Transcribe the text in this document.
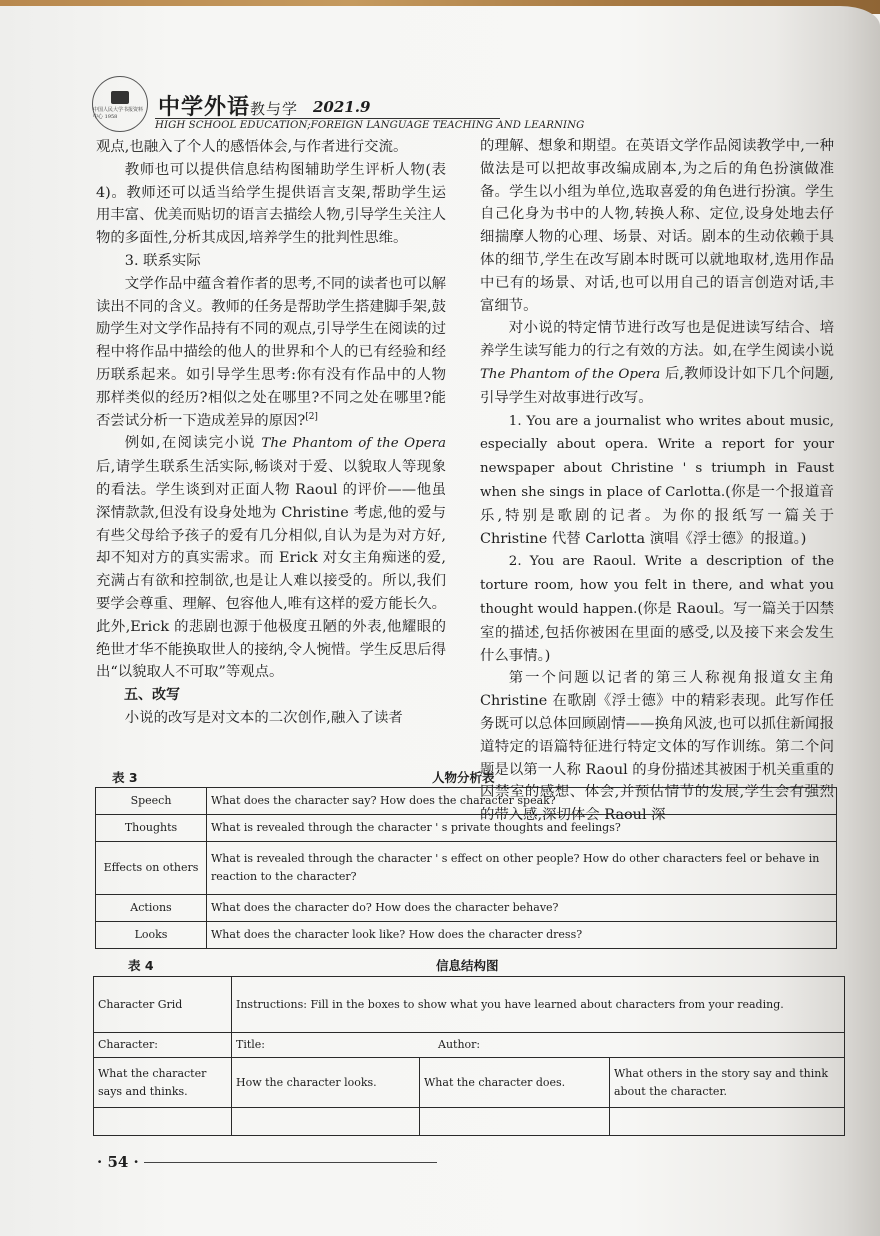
中国人民大学书报资料中心 1958	中学外语教与学 2021.9
HIGH SCHOOL EDUCATION;FOREIGN LANGUAGE TEACHING AND LEARNING

观点,也融入了个人的感悟体会,与作者进行交流。

教师也可以提供信息结构图辅助学生评析人物(表4)。教师还可以适当给学生提供语言支架,帮助学生运用丰富、优美而贴切的语言去描绘人物,引导学生关注人物的多面性,分析其成因,培养学生的批判性思维。

3. 联系实际

文学作品中蕴含着作者的思考,不同的读者也可以解读出不同的含义。教师的任务是帮助学生搭建脚手架,鼓励学生对文学作品持有不同的观点,引导学生在阅读的过程中将作品中描绘的他人的世界和个人的已有经验和经历联系起来。如引导学生思考:你有没有作品中的人物那样类似的经历?相似之处在哪里?不同之处在哪里?能否尝试分析一下造成差异的原因?[2]

例如,在阅读完小说 The Phantom of the Opera后,请学生联系生活实际,畅谈对于爱、以貌取人等现象的看法。学生谈到对正面人物 Raoul 的评价——他虽深情款款,但没有设身处地为 Christine 考虑,他的爱与有些父母给予孩子的爱有几分相似,自认为是为对方好,却不知对方的真实需求。而 Erick 对女主角痴迷的爱,充满占有欲和控制欲,也是让人难以接受的。所以,我们要学会尊重、理解、包容他人,唯有这样的爱方能长久。此外,Erick 的悲剧也源于他极度丑陋的外表,他耀眼的绝世才华不能换取世人的接纳,令人惋惜。学生反思后得出“以貌取人不可取”等观点。

五、改写

小说的改写是对文本的二次创作,融入了读者

的理解、想象和期望。在英语文学作品阅读教学中,一种做法是可以把故事改编成剧本,为之后的角色扮演做准备。学生以小组为单位,选取喜爱的角色进行扮演。学生自己化身为书中的人物,转换人称、定位,设身处地去仔细揣摩人物的心理、场景、对话。剧本的生动依赖于具体的细节,学生在改写剧本时既可以就地取材,选用作品中已有的场景、对话,也可以用自己的语言创造对话,丰富细节。

对小说的特定情节进行改写也是促进读写结合、培养学生读写能力的行之有效的方法。如,在学生阅读小说 The Phantom of the Opera 后,教师设计如下几个问题,引导学生对故事进行改写。

1. You are a journalist who writes about music, especially about opera. Write a report for your newspaper about Christine ' s triumph in Faust when she sings in place of Carlotta.(你是一个报道音乐,特别是歌剧的记者。为你的报纸写一篇关于 Christine 代替 Carlotta 演唱《浮士德》的报道。)

2. You are Raoul. Write a description of the torture room, how you felt in there, and what you thought would happen.(你是 Raoul。写一篇关于囚禁室的描述,包括你被困在里面的感受,以及接下来会发生什么事情。)

第一个问题以记者的第三人称视角报道女主角 Christine 在歌剧《浮士德》中的精彩表现。此写作任务既可以总体回顾剧情——换角风波,也可以抓住新闻报道特定的语篇特征进行特定文体的写作训练。第二个问题是以第一人称 Raoul 的身份描述其被困于机关重重的囚禁室的感想、体会,并预估情节的发展,学生会有强烈的带入感,深切体会 Raoul 深

表 3	人物分析表
Speech	What does the character say? How does the character speak?
Thoughts	What is revealed through the character ' s private thoughts and feelings?
Effects on others	What is revealed through the character ' s effect on other people? How do other characters feel or behave in reaction to the character?
Actions	What does the character do? How does the character behave?
Looks	What does the character look like? How does the character dress?
表 4	信息结构图
Character Grid	Instructions: Fill in the boxes to show what you have learned about characters from your reading.		
Character:	Title: Author:		

What the character says and thinks.	How the character looks.	What the character does.	What others in the story say and think about the character.

· 54 ·
